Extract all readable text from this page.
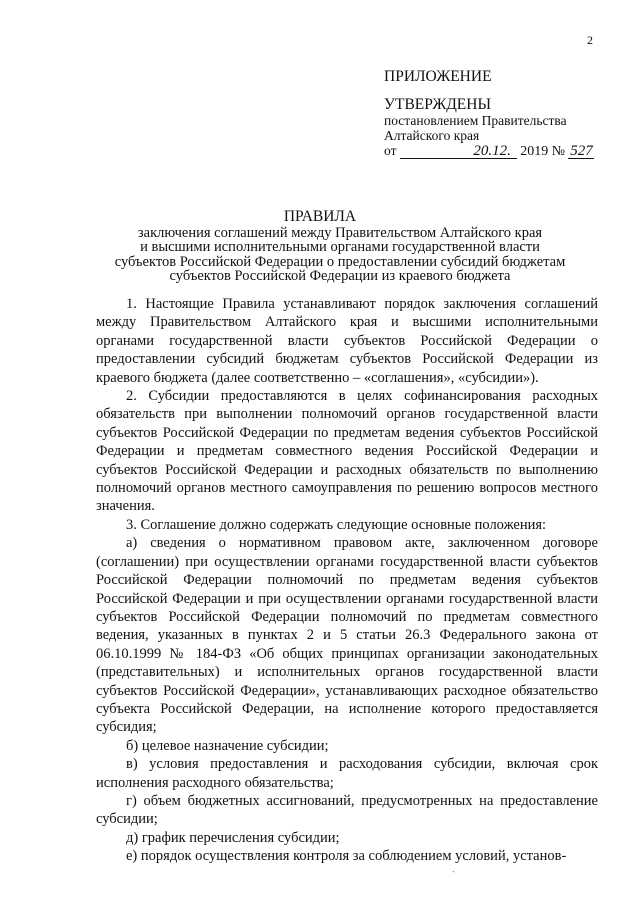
2
ПРИЛОЖЕНИЕ
УТВЕРЖДЕНЫ
постановлением Правительства
Алтайского края
от	20.12. 2019 № 527
ПРАВИЛА
заключения соглашений между Правительством Алтайского края
и высшими исполнительными органами государственной власти
субъектов Российской Федерации о предоставлении субсидий бюджетам
субъектов Российской Федерации из краевого бюджета

1. Настоящие Правила устанавливают порядок заключения соглашений между Правительством Алтайского края и высшими исполнительными органами государственной власти субъектов Российской Федерации о предоставлении субсидий бюджетам субъектов Российской Федерации из краевого бюджета (далее соответственно – «соглашения», «субсидии»).

2. Субсидии предоставляются в целях софинансирования расходных обязательств при выполнении полномочий органов государственной власти субъектов Российской Федерации по предметам ведения субъектов Российской Федерации и предметам совместного ведения Российской Федерации и субъектов Российской Федерации и расходных обязательств по выполнению полномочий органов местного самоуправления по решению вопросов местного значения.

3. Соглашение должно содержать следующие основные положения:

а) сведения о нормативном правовом акте, заключенном договоре (соглашении) при осуществлении органами государственной власти субъектов Российской Федерации полномочий по предметам ведения субъектов Российской Федерации и при осуществлении органами государственной власти субъектов Российской Федерации полномочий по предметам совместного ведения, указанных в пунктах 2 и 5 статьи 26.3 Федерального закона от 06.10.1999 № 184-ФЗ «Об общих принципах организации законодательных (представительных) и исполнительных органов государственной власти субъектов Российской Федерации», устанавливающих расходное обязательство субъекта Российской Федерации, на исполнение которого предоставляется субсидия;

б) целевое назначение субсидии;

в) условия предоставления и расходования субсидии, включая срок исполнения расходного обязательства;

г) объем бюджетных ассигнований, предусмотренных на предоставление субсидии;

д) график перечисления субсидии;

е) порядок осуществления контроля за соблюдением условий, установ-

ˏ
